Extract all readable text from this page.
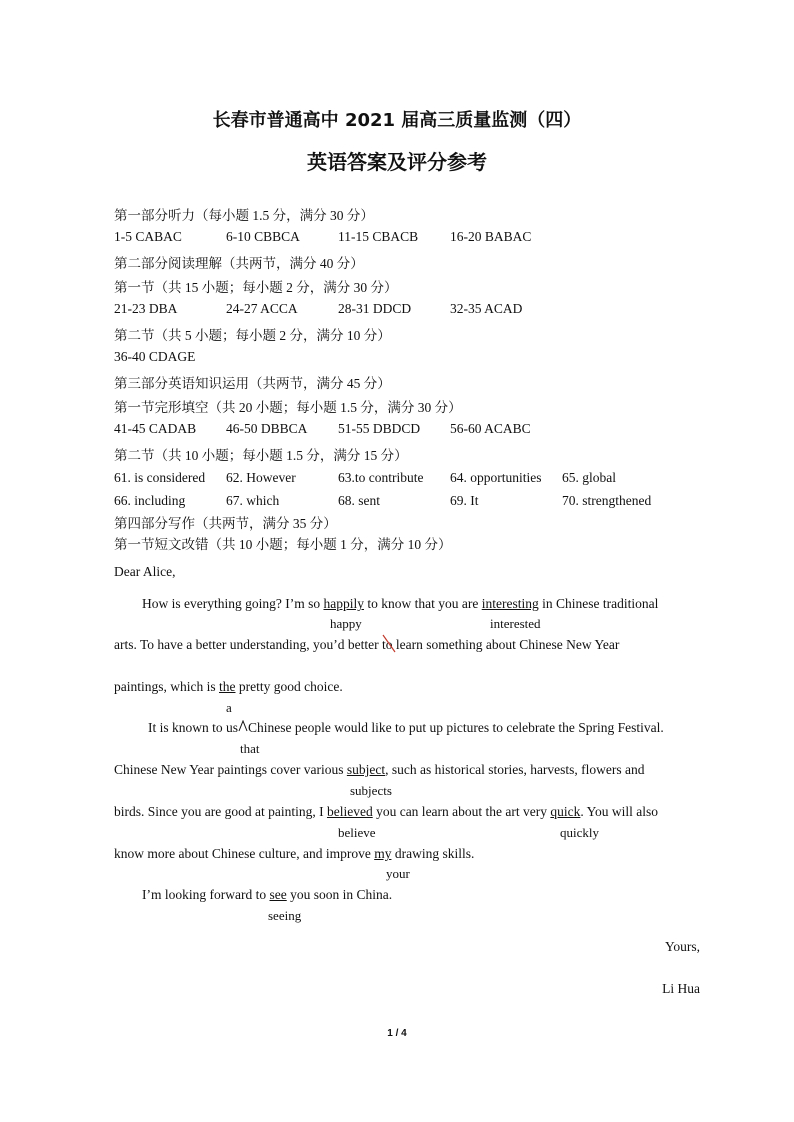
长春市普通高中 2021 届高三质量监测（四）
英语答案及评分参考
第一部分听力（每小题 1.5 分，满分 30 分）
1-5 CABAC	6-10 CBBCA	11-15 CBACB 16-20 BABAC
第二部分阅读理解（共两节，满分 40 分）
第一节（共 15 小题；每小题 2 分，满分 30 分）
21-23 DBA	24-27 ACCA	28-31 DDCD	32-35 ACAD
第二节（共 5 小题；每小题 2 分，满分 10 分）
36-40 CDAGE
第三部分英语知识运用（共两节，满分 45 分）
第一节完形填空（共 20 小题；每小题 1.5 分，满分 30 分）
41-45 CADAB 46-50 DBBCA 51-55 DBDCD 56-60 ACABC
第二节（共 10 小题；每小题 1.5 分，满分 15 分）
61. is considered 62. However	63.to contribute 64. opportunities 65. global
66. including	67. which	68. sent	69. It	70. strengthened
第四部分写作（共两节，满分 35 分）
第一节短文改错（共 10 小题；每小题 1 分，满分 10 分）
Dear Alice,
How is everything going? I’m so happily to know that you are interesting in Chinese traditional
happy	interested
arts. To have a better understanding, you’d better to
learn something about Chinese New Year
paintings, which is the pretty good choice.
a
It is known to us Chinese people would like to put up pictures to celebrate the Spring Festival.
that
Chinese New Year paintings cover various subject, such as historical stories, harvests, flowers and
subjects
birds. Since you are good at painting, I believed you can learn about the art very quick. You will also
believe	quickly
know more about Chinese culture, and improve my drawing skills.
your
I’m looking forward to see you soon in China.
seeing
Yours,
Li Hua
1 / 4
